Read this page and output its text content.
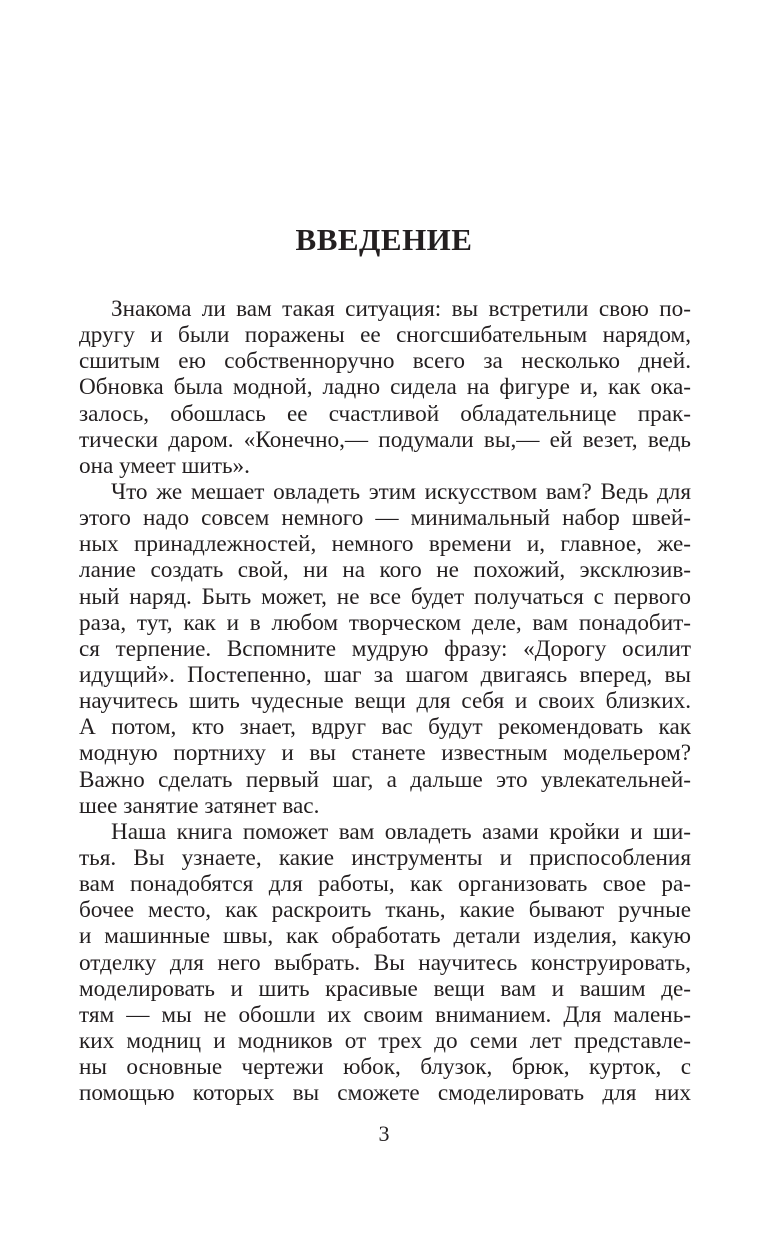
ВВЕДЕНИЕ
Знакома ли вам такая ситуация: вы встретили свою по-
другу и были поражены ее сногсшибательным нарядом,
сшитым ею собственноручно всего за несколько дней.
Обновка была модной, ладно сидела на фигуре и, как ока-
залось, обошлась ее счастливой обладательнице прак-
тически даром. «Конечно,— подумали вы,— ей везет, ведь
она умеет шить».
Что же мешает овладеть этим искусством вам? Ведь для
этого надо совсем немного — минимальный набор швей-
ных принадлежностей, немного времени и, главное, же-
лание создать свой, ни на кого не похожий, эксклюзив-
ный наряд. Быть может, не все будет получаться с первого
раза, тут, как и в любом творческом деле, вам понадобит-
ся терпение. Вспомните мудрую фразу: «Дорогу осилит
идущий». Постепенно, шаг за шагом двигаясь вперед, вы
научитесь шить чудесные вещи для себя и своих близких.
А потом, кто знает, вдруг вас будут рекомендовать как
модную портниху и вы станете известным модельером?
Важно сделать первый шаг, а дальше это увлекательней-
шее занятие затянет вас.
Наша книга поможет вам овладеть азами кройки и ши-
тья. Вы узнаете, какие инструменты и приспособления
вам понадобятся для работы, как организовать свое ра-
бочее место, как раскроить ткань, какие бывают ручные
и машинные швы, как обработать детали изделия, какую
отделку для него выбрать. Вы научитесь конструировать,
моделировать и шить красивые вещи вам и вашим де-
тям — мы не обошли их своим вниманием. Для малень-
ких модниц и модников от трех до семи лет представле-
ны основные чертежи юбок, блузок, брюк, курток, с
помощью которых вы сможете смоделировать для них
3
